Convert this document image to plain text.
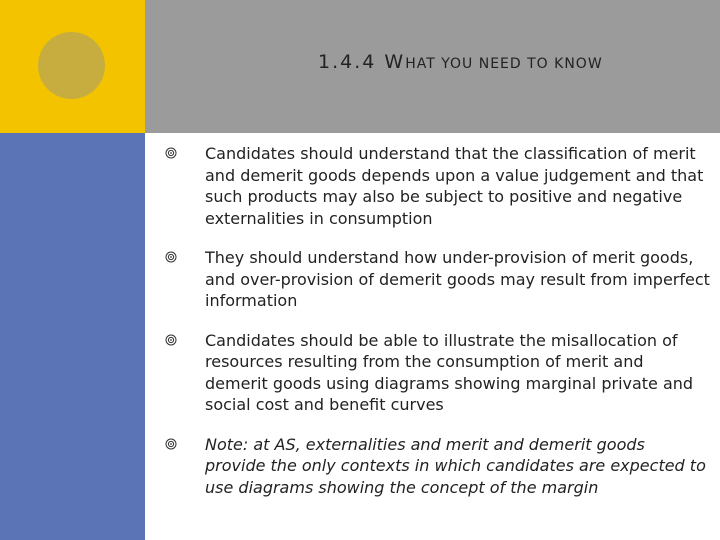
1.4.4 WHAT YOU NEED TO KNOW
Candidates should understand that the classification of merit and demerit goods depends upon a value judgement and that such products may also be subject to positive and negative externalities in consumption
They should understand how under-provision of merit goods, and over-provision of demerit goods may result from imperfect information
Candidates should be able to illustrate the misallocation of resources resulting from the consumption of merit and demerit goods using diagrams showing marginal private and social cost and benefit curves
Note: at AS, externalities and merit and demerit goods provide the only contexts in which candidates are expected to use diagrams showing the concept of the margin
